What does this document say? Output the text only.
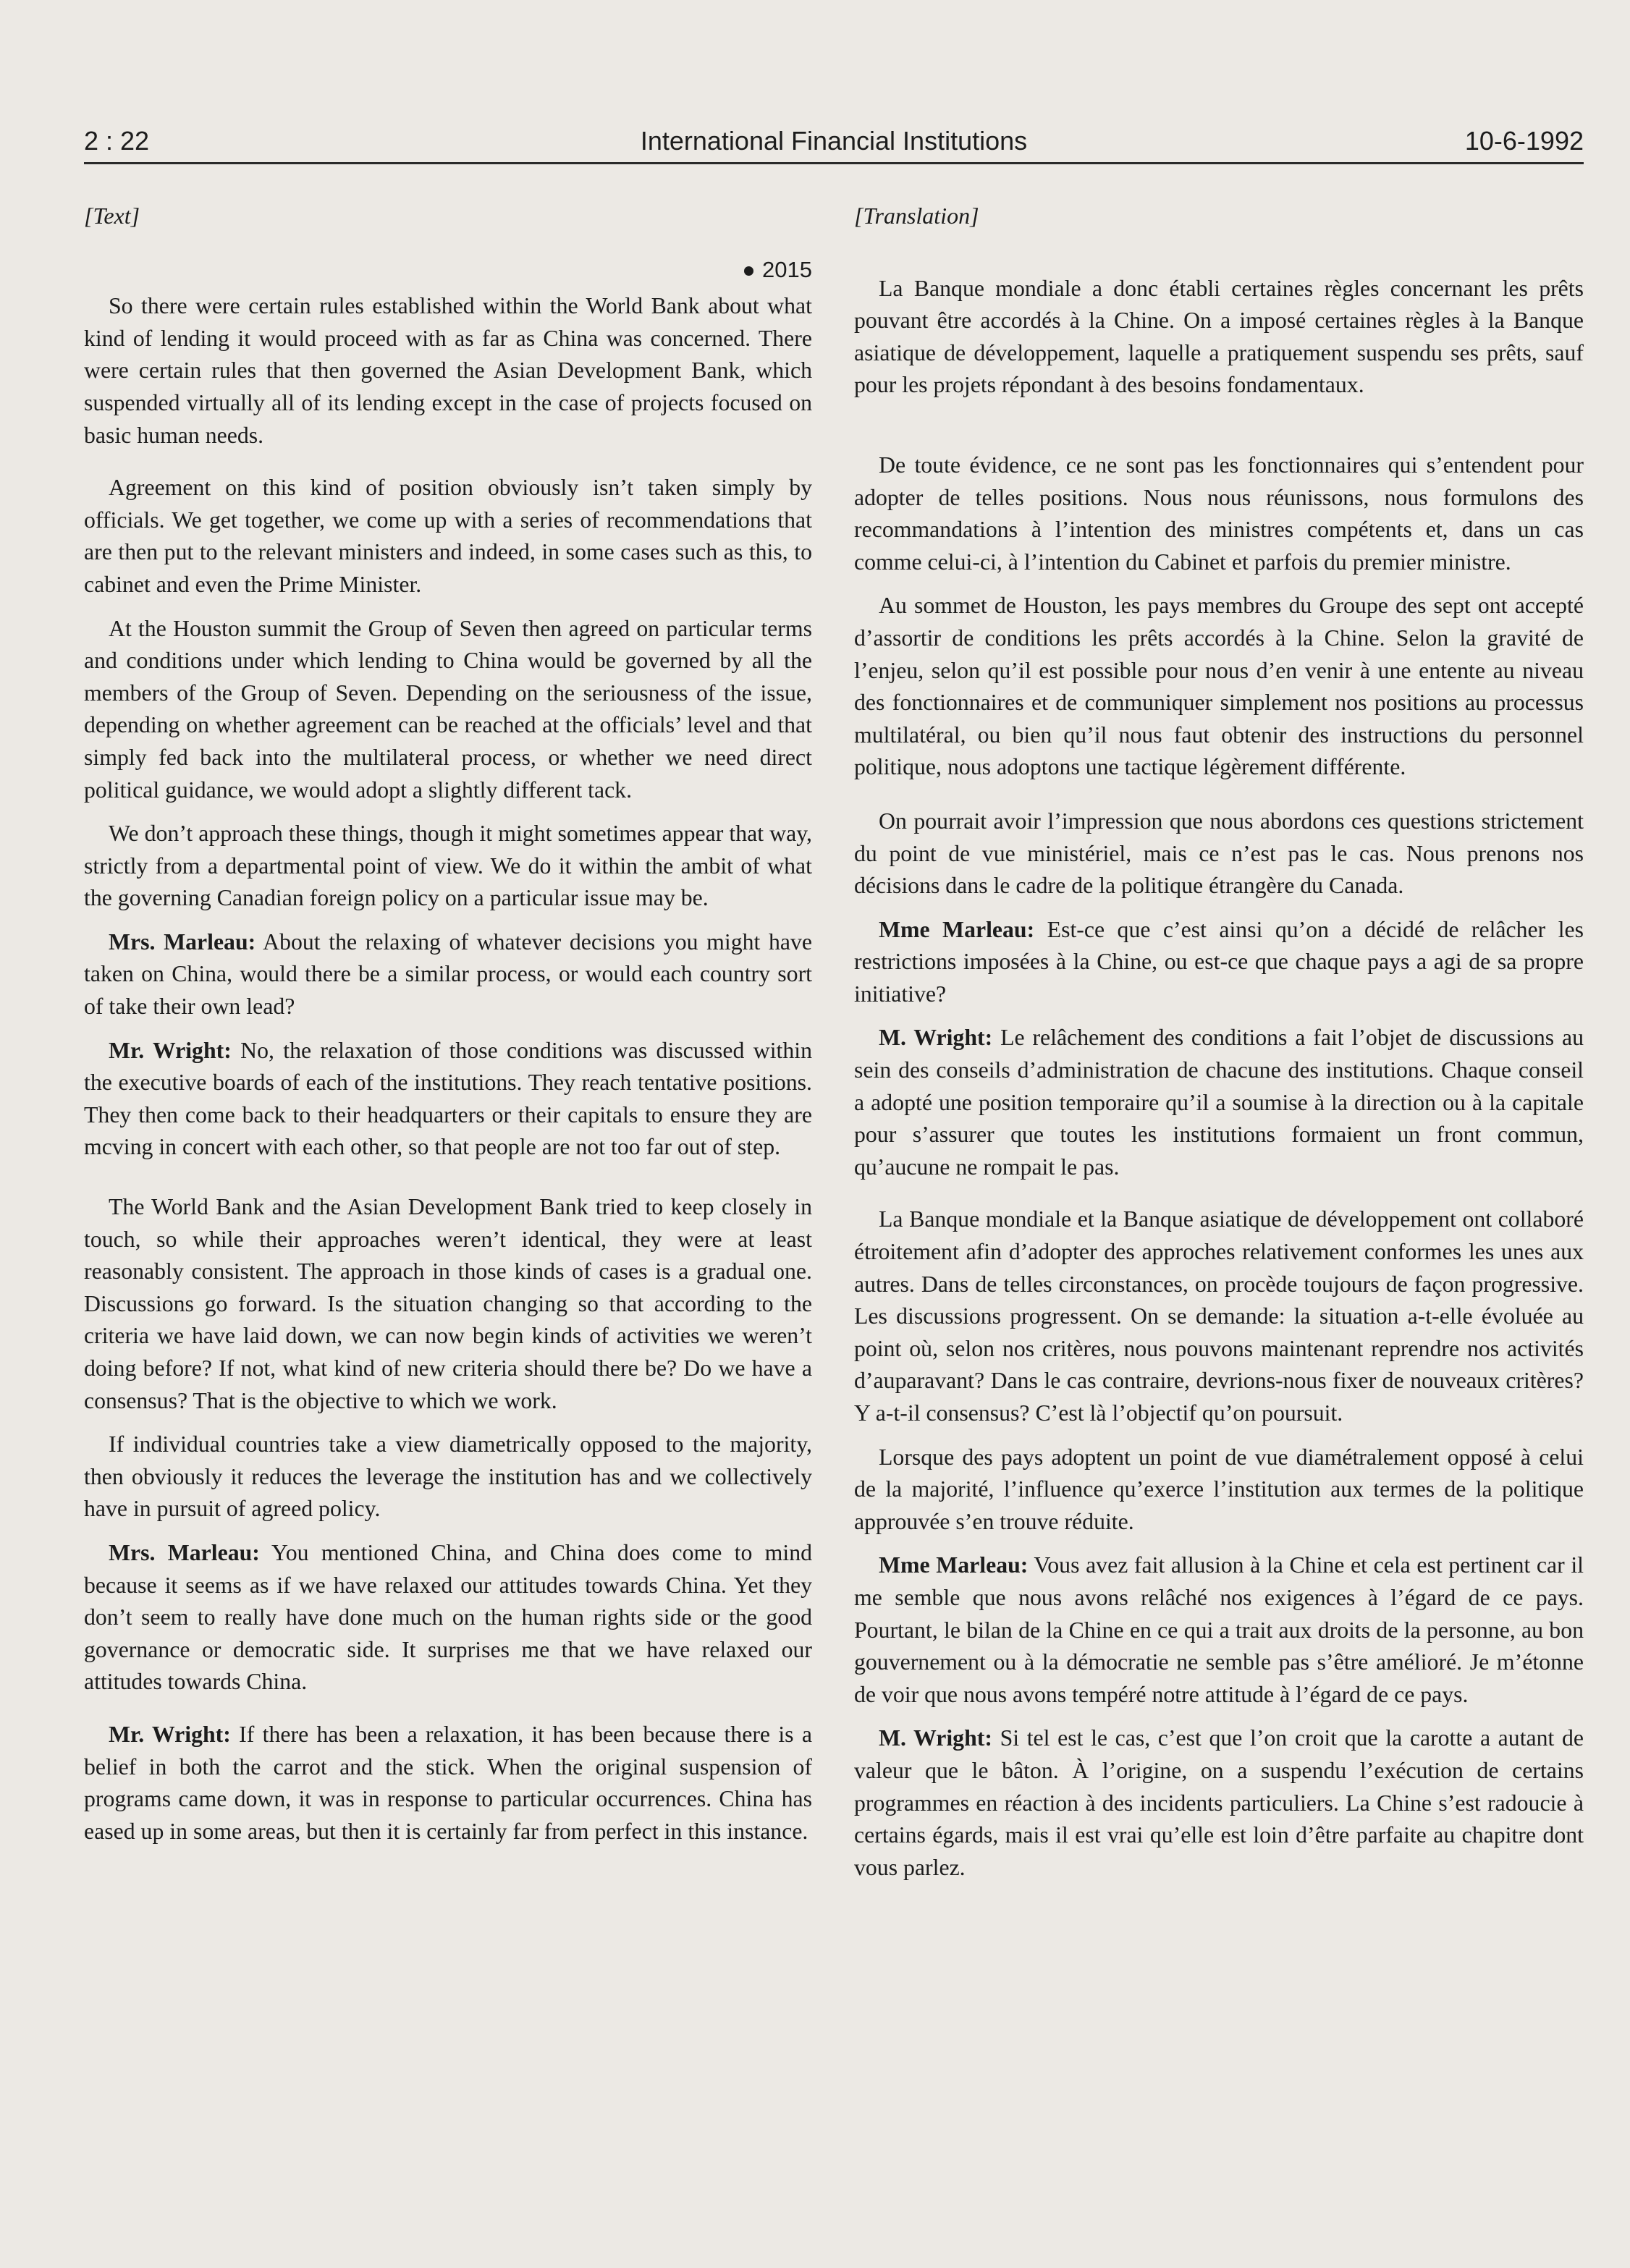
2 : 22	International Financial Institutions	10-6-1992
[Text]
2015

So there were certain rules established within the World Bank about what kind of lending it would proceed with as far as China was concerned. There were certain rules that then governed the Asian Development Bank, which suspended virtually all of its lending except in the case of projects focused on basic human needs.

Agreement on this kind of position obviously isn’t taken simply by officials. We get together, we come up with a series of recommendations that are then put to the relevant ministers and indeed, in some cases such as this, to cabinet and even the Prime Minister.

At the Houston summit the Group of Seven then agreed on particular terms and conditions under which lending to China would be governed by all the members of the Group of Seven. Depending on the seriousness of the issue, depending on whether agreement can be reached at the officials’ level and that simply fed back into the multilateral process, or whether we need direct political guidance, we would adopt a slightly different tack.

We don’t approach these things, though it might sometimes appear that way, strictly from a departmental point of view. We do it within the ambit of what the governing Canadian foreign policy on a particular issue may be.

Mrs. Marleau: About the relaxing of whatever decisions you might have taken on China, would there be a similar process, or would each country sort of take their own lead?

Mr. Wright: No, the relaxation of those conditions was discussed within the executive boards of each of the institutions. They reach tentative positions. They then come back to their headquarters or their capitals to ensure they are mcving in concert with each other, so that people are not too far out of step.

The World Bank and the Asian Development Bank tried to keep closely in touch, so while their approaches weren’t identical, they were at least reasonably consistent. The approach in those kinds of cases is a gradual one. Discussions go forward. Is the situation changing so that according to the criteria we have laid down, we can now begin kinds of activities we weren’t doing before? If not, what kind of new criteria should there be? Do we have a consensus? That is the objective to which we work.

If individual countries take a view diametrically opposed to the majority, then obviously it reduces the leverage the institution has and we collectively have in pursuit of agreed policy.

Mrs. Marleau: You mentioned China, and China does come to mind because it seems as if we have relaxed our attitudes towards China. Yet they don’t seem to really have done much on the human rights side or the good governance or democratic side. It surprises me that we have relaxed our attitudes towards China.

Mr. Wright: If there has been a relaxation, it has been because there is a belief in both the carrot and the stick. When the original suspension of programs came down, it was in response to particular occurrences. China has eased up in some areas, but then it is certainly far from perfect in this instance.

[Translation]

La Banque mondiale a donc établi certaines règles concernant les prêts pouvant être accordés à la Chine. On a imposé certaines règles à la Banque asiatique de développement, laquelle a pratiquement suspendu ses prêts, sauf pour les projets répondant à des besoins fondamentaux.

De toute évidence, ce ne sont pas les fonctionnaires qui s’entendent pour adopter de telles positions. Nous nous réunissons, nous formulons des recommandations à l’intention des ministres compétents et, dans un cas comme celui-ci, à l’intention du Cabinet et parfois du premier ministre.

Au sommet de Houston, les pays membres du Groupe des sept ont accepté d’assortir de conditions les prêts accordés à la Chine. Selon la gravité de l’enjeu, selon qu’il est possible pour nous d’en venir à une entente au niveau des fonctionnaires et de communiquer simplement nos positions au processus multilatéral, ou bien qu’il nous faut obtenir des instructions du personnel politique, nous adoptons une tactique légèrement différente.

On pourrait avoir l’impression que nous abordons ces questions strictement du point de vue ministériel, mais ce n’est pas le cas. Nous prenons nos décisions dans le cadre de la politique étrangère du Canada.

Mme Marleau: Est-ce que c’est ainsi qu’on a décidé de relâcher les restrictions imposées à la Chine, ou est-ce que chaque pays a agi de sa propre initiative?

M. Wright: Le relâchement des conditions a fait l’objet de discussions au sein des conseils d’administration de chacune des institutions. Chaque conseil a adopté une position temporaire qu’il a soumise à la direction ou à la capitale pour s’assurer que toutes les institutions formaient un front commun, qu’aucune ne rompait le pas.

La Banque mondiale et la Banque asiatique de développement ont collaboré étroitement afin d’adopter des approches relativement conformes les unes aux autres. Dans de telles circonstances, on procède toujours de façon progressive. Les discussions progressent. On se demande: la situation a-t-elle évoluée au point où, selon nos critères, nous pouvons maintenant reprendre nos activités d’auparavant? Dans le cas contraire, devrions-nous fixer de nouveaux critères? Y a-t-il consensus? C’est là l’objectif qu’on poursuit.

Lorsque des pays adoptent un point de vue diamétralement opposé à celui de la majorité, l’influence qu’exerce l’institution aux termes de la politique approuvée s’en trouve réduite.

Mme Marleau: Vous avez fait allusion à la Chine et cela est pertinent car il me semble que nous avons relâché nos exigences à l’égard de ce pays. Pourtant, le bilan de la Chine en ce qui a trait aux droits de la personne, au bon gouvernement ou à la démocratie ne semble pas s’être amélioré. Je m’étonne de voir que nous avons tempéré notre attitude à l’égard de ce pays.

M. Wright: Si tel est le cas, c’est que l’on croit que la carotte a autant de valeur que le bâton. À l’origine, on a suspendu l’exécution de certains programmes en réaction à des incidents particuliers. La Chine s’est radoucie à certains égards, mais il est vrai qu’elle est loin d’être parfaite au chapitre dont vous parlez.
